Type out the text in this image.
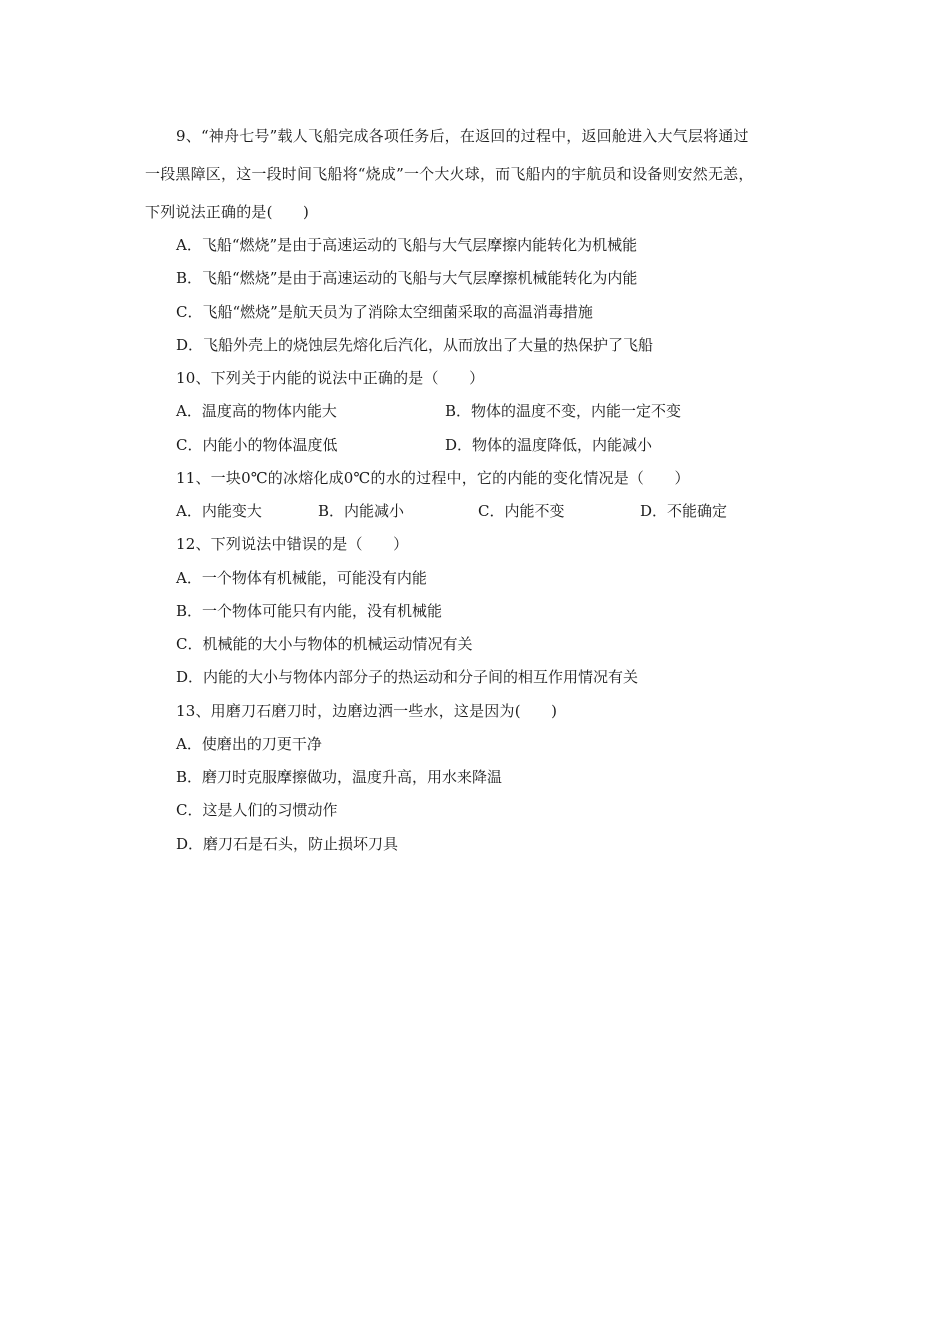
9、“神舟七号”载人飞船完成各项任务后，在返回的过程中，返回舱进入大气层将通过
一段黑障区，这一段时间飞船将“烧成”一个大火球，而飞船内的宇航员和设备则安然无恙，
下列说法正确的是(　　)
A．飞船“燃烧”是由于高速运动的飞船与大气层摩擦内能转化为机械能
B．飞船“燃烧”是由于高速运动的飞船与大气层摩擦机械能转化为内能
C．飞船“燃烧”是航天员为了消除太空细菌采取的高温消毒措施
D．飞船外壳上的烧蚀层先熔化后汽化，从而放出了大量的热保护了飞船
10、下列关于内能的说法中正确的是（　　）
A．温度高的物体内能大	B．物体的温度不变，内能一定不变
C．内能小的物体温度低	D．物体的温度降低，内能减小
11、一块0℃的冰熔化成0℃的水的过程中，它的内能的变化情况是（　　）
A．内能变大	B．内能减小	C．内能不变	D．不能确定
12、下列说法中错误的是（　　）
A．一个物体有机械能，可能没有内能
B．一个物体可能只有内能，没有机械能
C．机械能的大小与物体的机械运动情况有关
D．内能的大小与物体内部分子的热运动和分子间的相互作用情况有关
13、用磨刀石磨刀时，边磨边洒一些水，这是因为(　　)
A．使磨出的刀更干净
B．磨刀时克服摩擦做功，温度升高，用水来降温
C．这是人们的习惯动作
D．磨刀石是石头，防止损坏刀具
